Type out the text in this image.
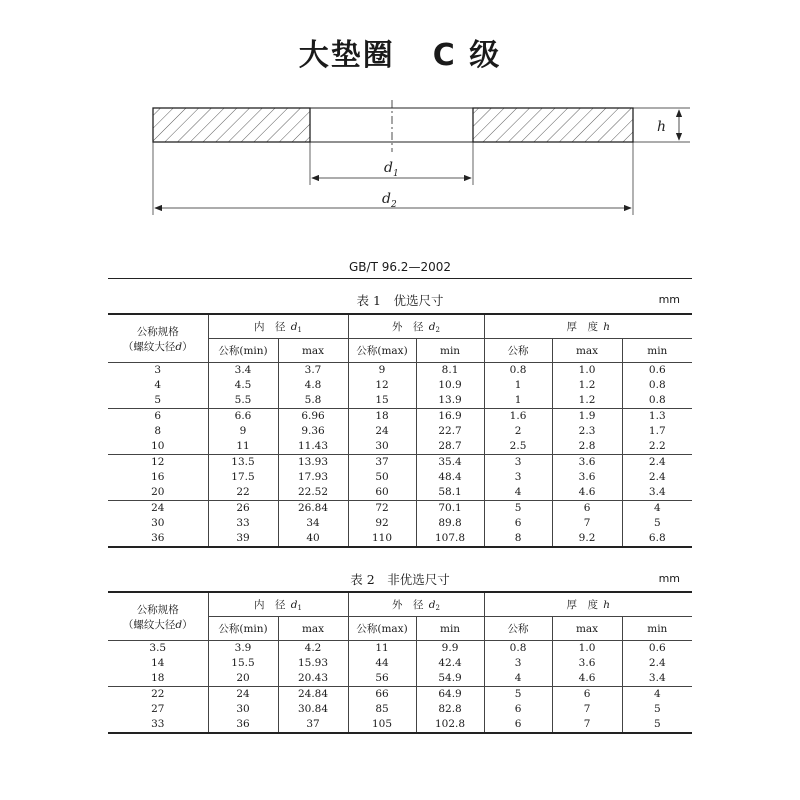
大垫圈 C 级
$d_1$
$d_2$
h
GB/T 96.2—2002
表 1　优选尺寸	mm
公称规格
（螺纹大径d）	内　径  $d_1$		外　径  $d_2$		厚　度  h		
	公称(min)	max	公称(max)	min	公称	max	min
3	3.4	3.7	9	8.1	0.8	1.0	0.6
4	4.5	4.8	12	10.9	1	1.2	0.8
5	5.5	5.8	15	13.9	1	1.2	0.8
6	6.6	6.96	18	16.9	1.6	1.9	1.3
8	9	9.36	24	22.7	2	2.3	1.7
10	11	11.43	30	28.7	2.5	2.8	2.2
12	13.5	13.93	37	35.4	3	3.6	2.4
16	17.5	17.93	50	48.4	3	3.6	2.4
20	22	22.52	60	58.1	4	4.6	3.4
24	26	26.84	72	70.1	5	6	4
30	33	34	92	89.8	6	7	5
36	39	40	110	107.8	8	9.2	6.8
表 2　非优选尺寸	mm
公称规格
（螺纹大径d）	内　径  $d_1$		外　径  $d_2$		厚　度  h		
	公称(min)	max	公称(max)	min	公称	max	min
3.5	3.9	4.2	11	9.9	0.8	1.0	0.6
14	15.5	15.93	44	42.4	3	3.6	2.4
18	20	20.43	56	54.9	4	4.6	3.4
22	24	24.84	66	64.9	5	6	4
27	30	30.84	85	82.8	6	7	5
33	36	37	105	102.8	6	7	5
